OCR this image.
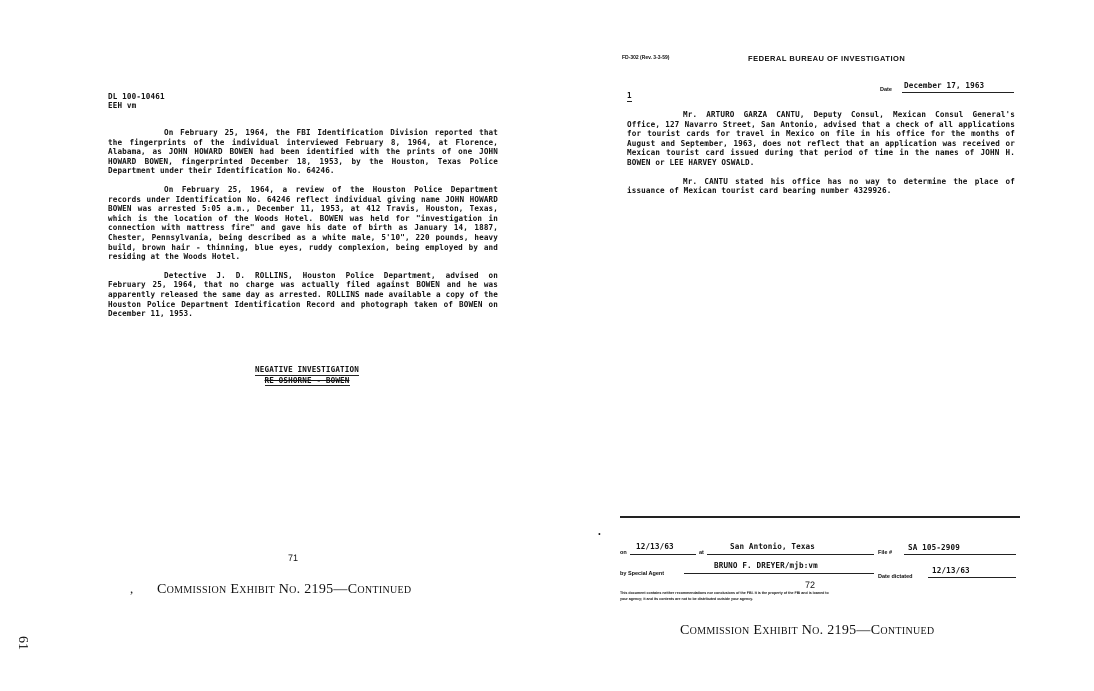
DL 100-10461
EEH vm

On February 25, 1964, the FBI Identification Division reported that the fingerprints of the individual interviewed February 8, 1964, at Florence, Alabama, as JOHN HOWARD BOWEN had been identified with the prints of one JOHN HOWARD BOWEN, fingerprinted December 18, 1953, by the Houston, Texas Police Department under their Identification No. 64246.

On February 25, 1964, a review of the Houston Police Department records under Identification No. 64246 reflect individual giving name JOHN HOWARD BOWEN was arrested 5:05 a.m., December 11, 1953, at 412 Travis, Houston, Texas, which is the location of the Woods Hotel. BOWEN was held for "investigation in connection with mattress fire" and gave his date of birth as January 14, 1887, Chester, Pennsylvania, being described as a white male, 5'10", 220 pounds, heavy build, brown hair - thinning, blue eyes, ruddy complexion, being employed by and residing at the Woods Hotel.

Detective J. D. ROLLINS, Houston Police Department, advised on February 25, 1964, that no charge was actually filed against BOWEN and he was apparently released the same day as arrested. ROLLINS made available a copy of the Houston Police Department Identification Record and photograph taken of BOWEN on December 11, 1953.

NEGATIVE INVESTIGATION
RE OSHORNE - BOWEN
71
, Commission Exhibit No. 2195—Continued
61
FD-302 (Rev. 3-3-59)	FEDERAL BUREAU OF INVESTIGATION
Date December 17, 1963
1

Mr. ARTURO GARZA CANTU, Deputy Consul, Mexican Consul General's Office, 127 Navarro Street, San Antonio, advised that a check of all applications for tourist cards for travel in Mexico on file in his office for the months of August and September, 1963, does not reflect that an application was received or Mexican tourist card issued during that period of time in the names of JOHN H. BOWEN or LEE HARVEY OSWALD.

Mr. CANTU stated his office has no way to determine the place of issuance of Mexican tourist card bearing number 4329926.

•
on
12/13/63
at
San Antonio, Texas
File #
SA 105-2909
by Special Agent
BRUNO F. DREYER/mjb:vm
Date dictated
12/13/63
72
This document contains neither recommendations nor conclusions of the FBI. It is the property of the FBI and is loaned to
your agency; it and its contents are not to be distributed outside your agency.
Commission Exhibit No. 2195—Continued
